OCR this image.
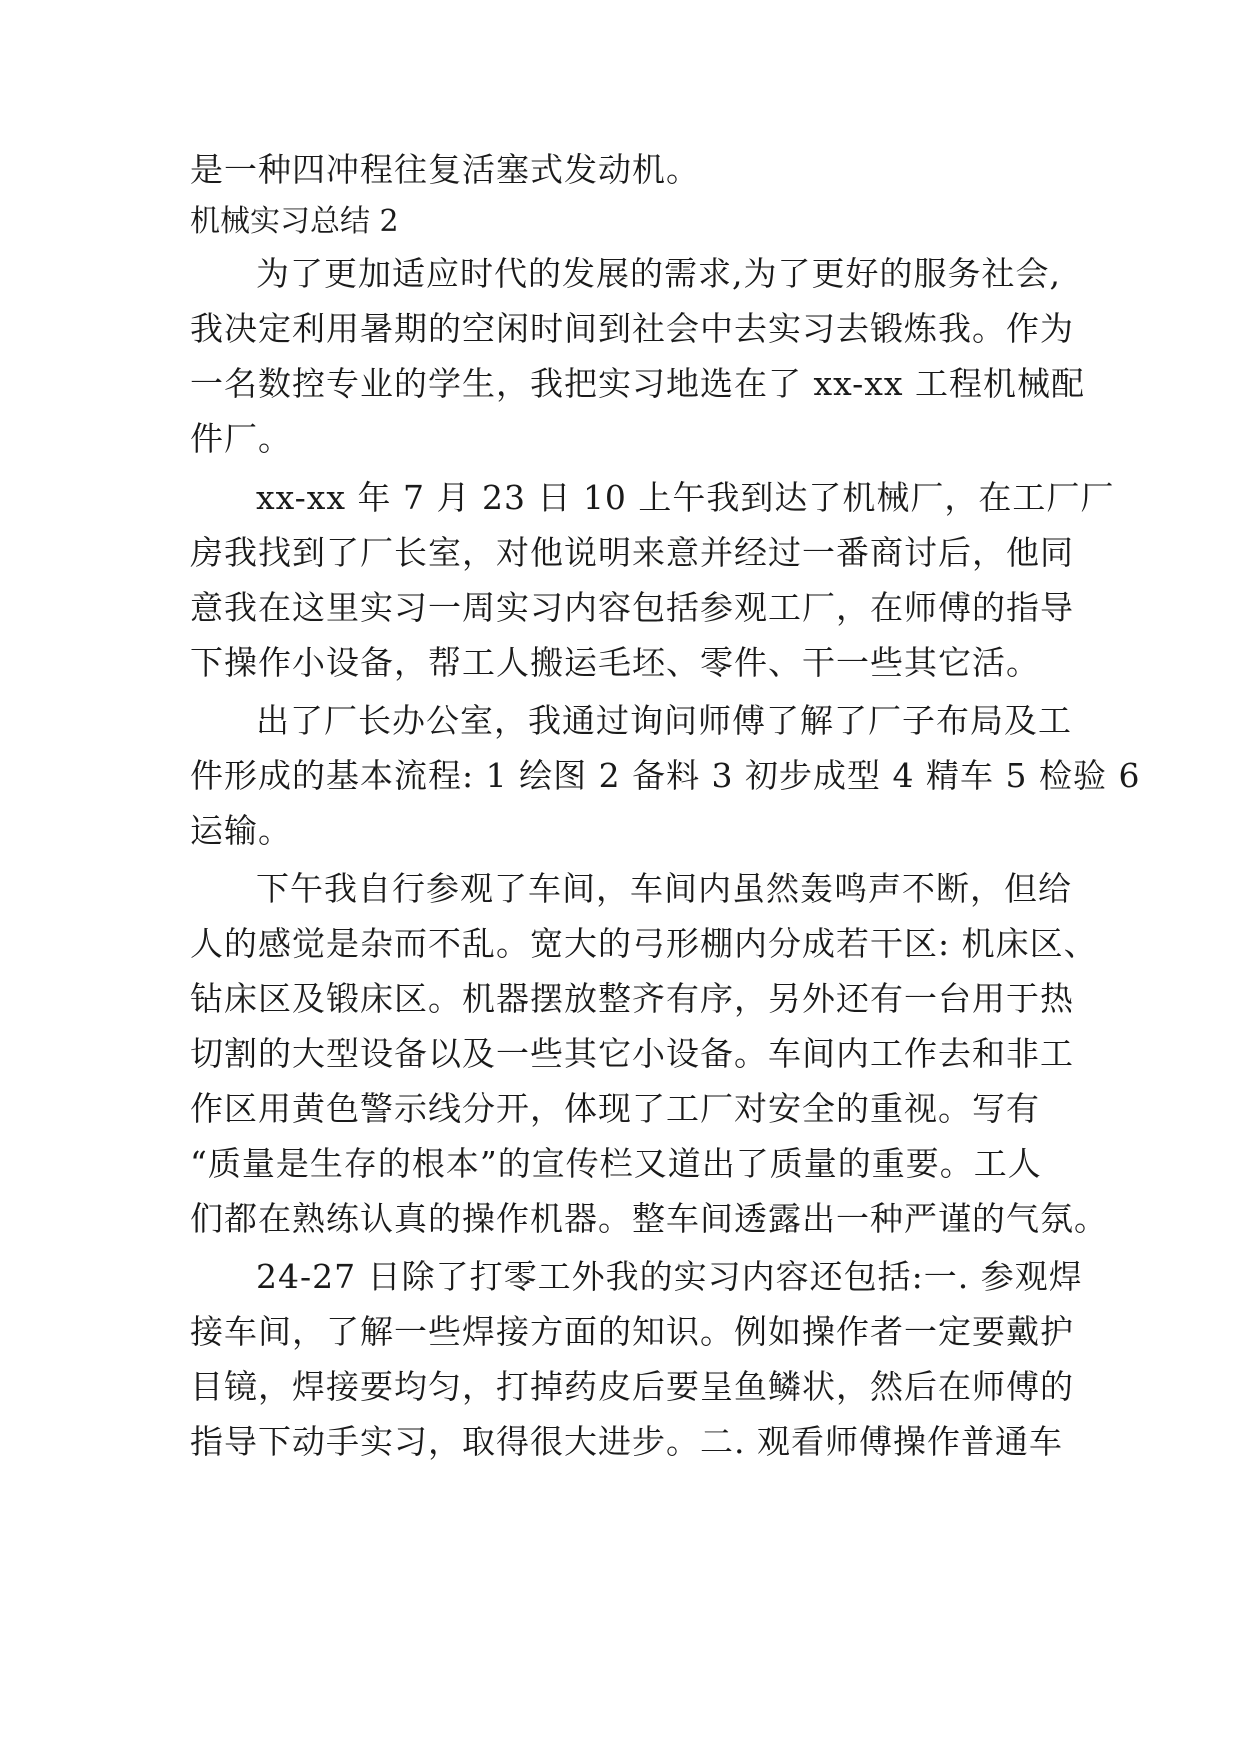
是一种四冲程往复活塞式发动机。
机械实习总结 2
为了更加适应时代的发展的需求,为了更好的服务社会,
我决定利用暑期的空闲时间到社会中去实习去锻炼我。作为
一名数控专业的学生，我把实习地选在了 xx-xx 工程机械配
件厂。
xx-xx 年 7 月 23 日 10 上午我到达了机械厂，在工厂厂
房我找到了厂长室，对他说明来意并经过一番商讨后，他同
意我在这里实习一周实习内容包括参观工厂，在师傅的指导
下操作小设备，帮工人搬运毛坯、零件、干一些其它活。
出了厂长办公室，我通过询问师傅了解了厂子布局及工
件形成的基本流程: 1 绘图 2 备料 3 初步成型 4 精车 5 检验 6
运输。
下午我自行参观了车间，车间内虽然轰鸣声不断，但给
人的感觉是杂而不乱。宽大的弓形棚内分成若干区: 机床区、
钻床区及锻床区。机器摆放整齐有序，另外还有一台用于热
切割的大型设备以及一些其它小设备。车间内工作去和非工
作区用黄色警示线分开，体现了工厂对安全的重视。写有
“质量是生存的根本”的宣传栏又道出了质量的重要。工人
们都在熟练认真的操作机器。整车间透露出一种严谨的气氛。
24-27 日除了打零工外我的实习内容还包括:一. 参观焊
接车间，了解一些焊接方面的知识。例如操作者一定要戴护
目镜，焊接要均匀，打掉药皮后要呈鱼鳞状，然后在师傅的
指导下动手实习，取得很大进步。二. 观看师傅操作普通车
